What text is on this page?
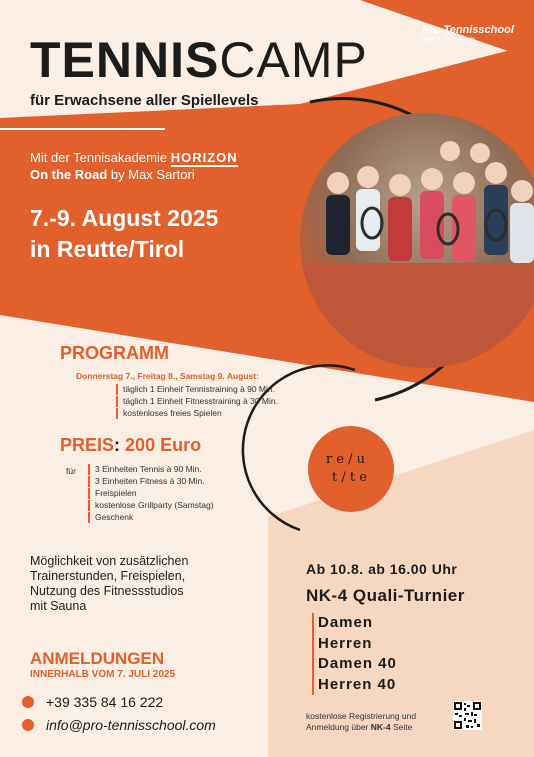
Pro Tennisschool
learn it · love it · win
TENNISCAMP
für Erwachsene aller Spiellevels
Mit der Tennisakademie HORIZON
On the Road by Max Sartori
7.-9. August 2025
in Reutte/Tirol
PROGRAMM
Donnerstag 7., Freitag 8., Samstag 9. August:
täglich 1 Einheit Tennistraining à 90 Min.
täglich 1 Einheit Fitnesstraining à 30 Min.
kostenloses freies Spielen
PREIS: 200 Euro
für	3 Einheiten Tennis à 90 Min.
3 Einheiten Fitness à 30 Min.
Freispielen
kostenlose Grillparty (Samstag)
Geschenk
r e / u
t / t e
Möglichkeit von zusätzlichen
Trainerstunden, Freispielen,
Nutzung des Fitnessstudios
mit Sauna
ANMELDUNGEN
INNERHALB VOM 7. JULI 2025
+39 335 84 16 222
info@pro-tennisschool.com
Ab 10.8. ab 16.00 Uhr
NK-4 Quali-Turnier
Damen
Herren
Damen 40
Herren 40
kostenlose Registrierung und
Anmeldung über NK-4 Seite
